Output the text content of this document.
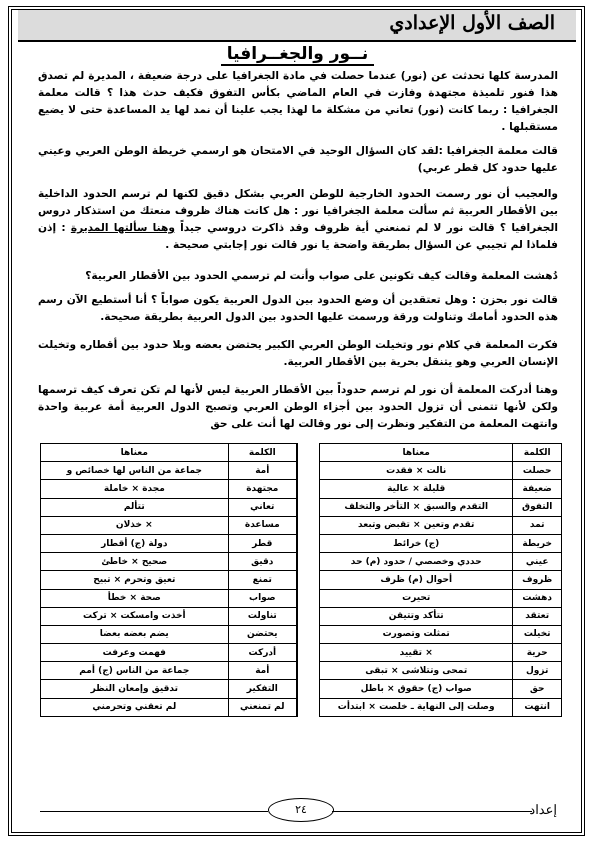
الصف الأول الإعدادي
نــور والجغــرافيا
المدرسة كلها تحدثت عن (نور) عندما حصلت في مادة الجغرافيا على درجة ضعيفة ، المديرة لم تصدق هذا فنور تلميذة مجتهدة وفازت في العام الماضي بكأس التفوق فكيف حدث هذا ؟ قالت معلمة الجغرافيا : ربما كانت (نور) تعاني من مشكلة ما لهذا يجب علينا أن نمد لها يد المساعدة حتى لا يضيع مستقبلها .
قالت معلمة الجغرافيا :لقد كان السؤال الوحيد في الامتحان هو ارسمي خريطة الوطن العربي وعيني عليها حدود كل قطر عربي)
والعجيب أن نور رسمت الحدود الخارجية للوطن العربي بشكل دقيق لكنها لم ترسم الحدود الداخلية بين الأقطار العربية ثم سألت معلمة الجغرافيا نور : هل كانت هناك ظروف منعتك من استذكار دروس الجغرافيا ؟ قالت نور لا لم تمنعني أية ظروف وقد ذاكرت دروسي جيداً وهنا سألتها المديرة : إذن فلماذا لم تجيبي عن السؤال بطريقة واضحة يا نور قالت نور إجابتي صحيحة .
دُهشت المعلمة وقالت كيف تكونين على صواب وأنت لم ترسمي الحدود بين الأقطار العربية؟
قالت نور بحزن : وهل تعتقدين أن وضع الحدود بين الدول العربية يكون صواباً ؟ أنا أستطيع الآن رسم هذه الحدود أمامك وتناولت ورقة ورسمت عليها الحدود بين الدول العربية بطريقة صحيحة.
فكرت المعلمة في كلام نور وتخيلت الوطن العربي الكبير يحتضن بعضه وبلا حدود بين أقطاره وتخيلت الإنسان العربي وهو يتنقل بحرية بين الأقطار العربية.
وهنا أدركت المعلمة أن نور لم ترسم حدوداً بين الأقطار العربية ليس لأنها لم تكن تعرف كيف ترسمها ولكن لأنها تتمنى أن تزول الحدود بين أجزاء الوطن العربي وتصبح الدول العربية أمة عربية واحدة وانتهت المعلمة من التفكير ونظرت إلى نور وقالت لها أنت على حق
الكلمة	معناها		الكلمة	معناها
حصلت	نالت × فقدت		أمة	جماعة من الناس لها خصائص و
ضعيفة	قليلة × عالية		مجتهدة	مجدة × خاملة
التفوق	التقدم والسبق × التأخر والتخلف		تعاني	تتألم
تمد	تقدم وتعين × تقبض وتبعد		مساعدة	× خذلان
خريطة	(ج) خرائط		قطر	دولة (ج) أقطار
عيني	حددي وخصصي / حدود (م) حد		دقيق	صحيح × خاطئ
ظروف	أحوال (م) ظرف		تمنع	تعيق وتحرم × تبيح
دهشت	تحيرت		صواب	صحة × خطأ
تعتقد	تتأكد وتتيقن		تناولت	أخذت وامسكت × تركت
تخيلت	تمثلت وتصورت		يحتضن	يضم بعضه بعضا
حرية	× تقييد		أدركت	فهمت وعرفت
تزول	تمحى وتتلاشى × تبقى		أمة	جماعة من الناس (ج) أمم
حق	صواب (ج) حقوق × باطل		التفكير	تدقيق وإمعان النظر
انتهت	وصلت إلى النهاية ـ خلصت × ابتدأت		لم تمنعني	لم تعقني وتحرمني
٢٤	إعداد
